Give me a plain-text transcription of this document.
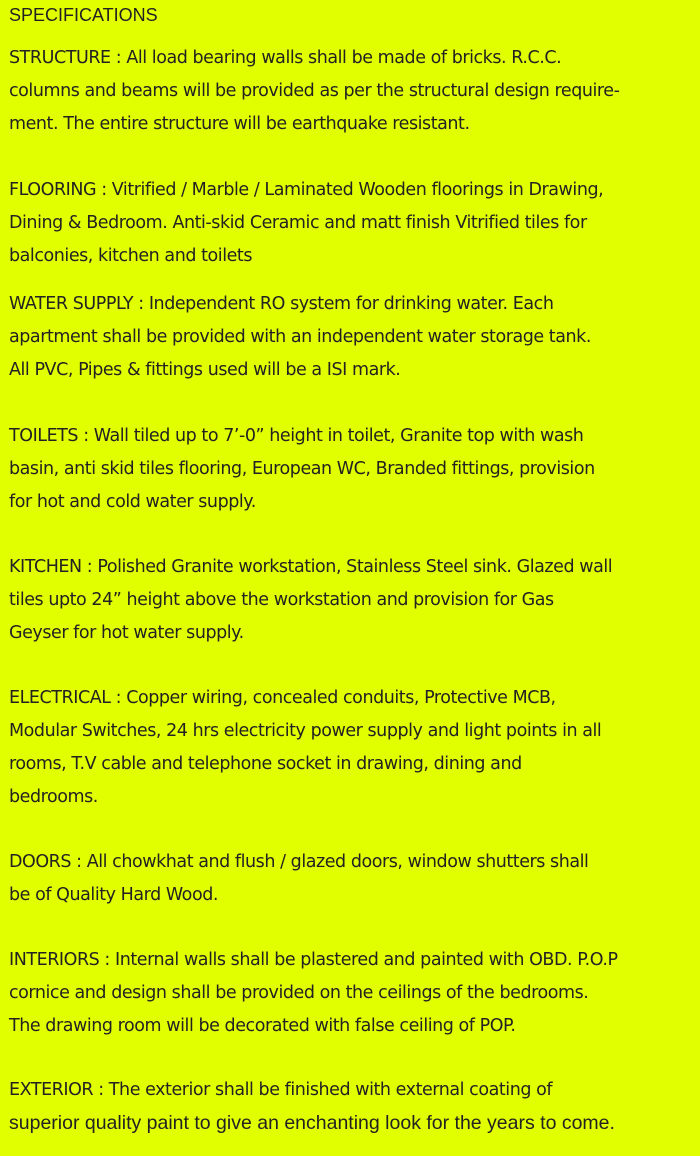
SPECIFICATIONS
STRUCTURE : All load bearing walls shall be made of bricks. R.C.C.
columns and beams will be provided as per the structural design require-
ment. The entire structure will be earthquake resistant.
FLOORING : Vitrified / Marble / Laminated Wooden floorings in Drawing,
Dining & Bedroom. Anti-skid Ceramic and matt finish Vitrified tiles for
balconies, kitchen and toilets
WATER SUPPLY : Independent RO system for drinking water. Each
apartment shall be provided with an independent water storage tank.
All PVC, Pipes & fittings used will be a ISI mark.
TOILETS : Wall tiled up to 7’-0” height in toilet, Granite top with wash
basin, anti skid tiles flooring, European WC, Branded fittings, provision
for hot and cold water supply.
KITCHEN : Polished Granite workstation, Stainless Steel sink. Glazed wall
tiles upto 24” height above the workstation and provision for Gas
Geyser for hot water supply.
ELECTRICAL : Copper wiring, concealed conduits, Protective MCB,
Modular Switches, 24 hrs electricity power supply and light points in all
rooms, T.V cable and telephone socket in drawing, dining and
bedrooms.
DOORS : All chowkhat and flush / glazed doors, window shutters shall
be of Quality Hard Wood.
INTERIORS : Internal walls shall be plastered and painted with OBD. P.O.P
cornice and design shall be provided on the ceilings of the bedrooms.
The drawing room will be decorated with false ceiling of POP.
EXTERIOR : The exterior shall be finished with external coating of
superior quality paint to give an enchanting look for the years to come.
